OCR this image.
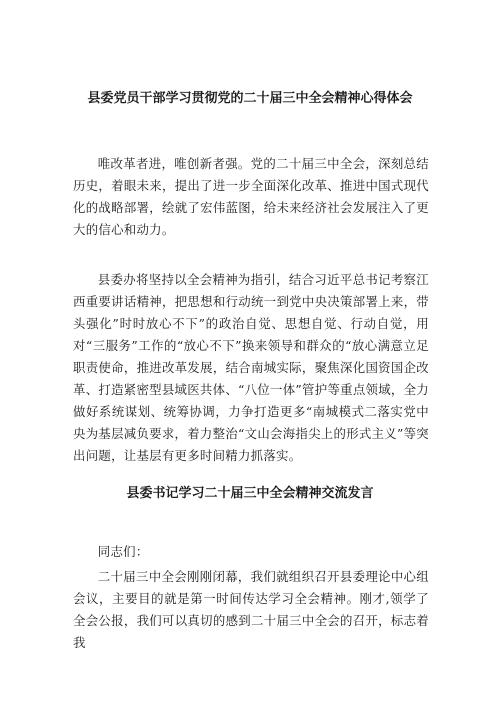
县委党员干部学习贯彻党的二十届三中全会精神心得体会

唯改革者进，唯创新者强。党的二十届三中全会，深刻总结历史，着眼未来，提出了进一步全面深化改革、推进中国式现代化的战略部署，绘就了宏伟蓝图，给未来经济社会发展注入了更大的信心和动力。

县委办将坚持以全会精神为指引，结合习近平总书记考察江西重要讲话精神，把思想和行动统一到党中央决策部署上来，带头强化”时时放心不下”的政治自觉、思想自觉、行动自觉，用对“三服务”工作的“放心不下”换来领导和群众的“放心满意立足职责使命，推进改革发展，结合南城实际，聚焦深化国资国企改革、打造紧密型县域医共体、“八位一体”管护等重点领域，全力做好系统谋划、统筹协调，力争打造更多“南城模式二落实党中央为基层减负要求，着力整治“文山会海指尖上的形式主义”等突出问题，让基层有更多时间精力抓落实。

县委书记学习二十届三中全会精神交流发言

同志们：

二十届三中全会刚刚闭幕，我们就组织召开县委理论中心组会议，主要目的就是第一时间传达学习全会精神。刚才,领学了全会公报，我们可以真切的感到二十届三中全会的召开，标志着我
